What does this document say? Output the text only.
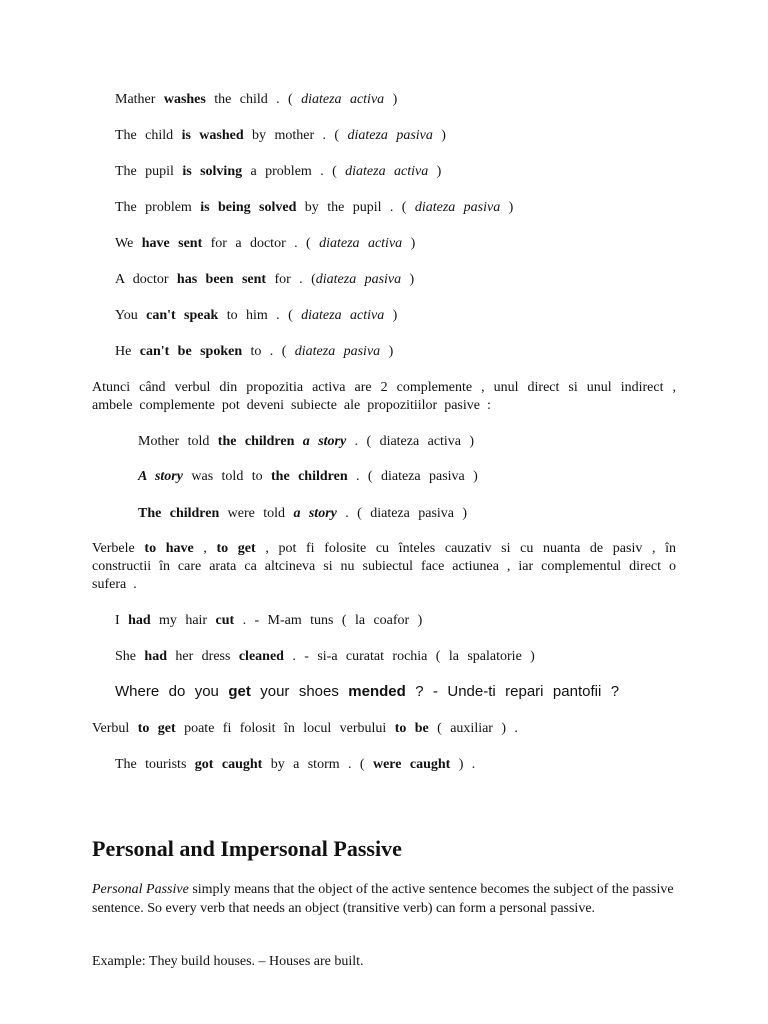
Mather washes the child . ( diateza activa )
The child is washed by mother . ( diateza pasiva )
The pupil is solving a problem . ( diateza activa )
The problem is being solved by the pupil . ( diateza pasiva )
We have sent for a doctor . ( diateza activa )
A doctor has been sent for . (diateza pasiva )
You can't speak to him . ( diateza activa )
He can't be spoken to . ( diateza pasiva )
Atunci când verbul din propozitia activa are 2 complemente , unul direct si unul indirect , ambele complemente pot deveni subiecte ale propozitiilor pasive :
Mother told the children a story . ( diateza activa )
A story was told to the children . ( diateza pasiva )
The children were told a story . ( diateza pasiva )
Verbele to have , to get , pot fi folosite cu înteles cauzativ si cu nuanta de pasiv , în constructii în care arata ca altcineva si nu subiectul face actiunea , iar complementul direct o sufera .
I had my hair cut . - M-am tuns ( la coafor )
She had her dress cleaned . - si-a curatat rochia ( la spalatorie )
Where do you get your shoes mended ? - Unde-ti repari pantofii ?
Verbul to get poate fi folosit în locul verbului to be ( auxiliar ) .
The tourists got caught by a storm . ( were caught ) .
Personal and Impersonal Passive
Personal Passive simply means that the object of the active sentence becomes the subject of the passive sentence. So every verb that needs an object (transitive verb) can form a personal passive.
Example: They build houses. – Houses are built.
